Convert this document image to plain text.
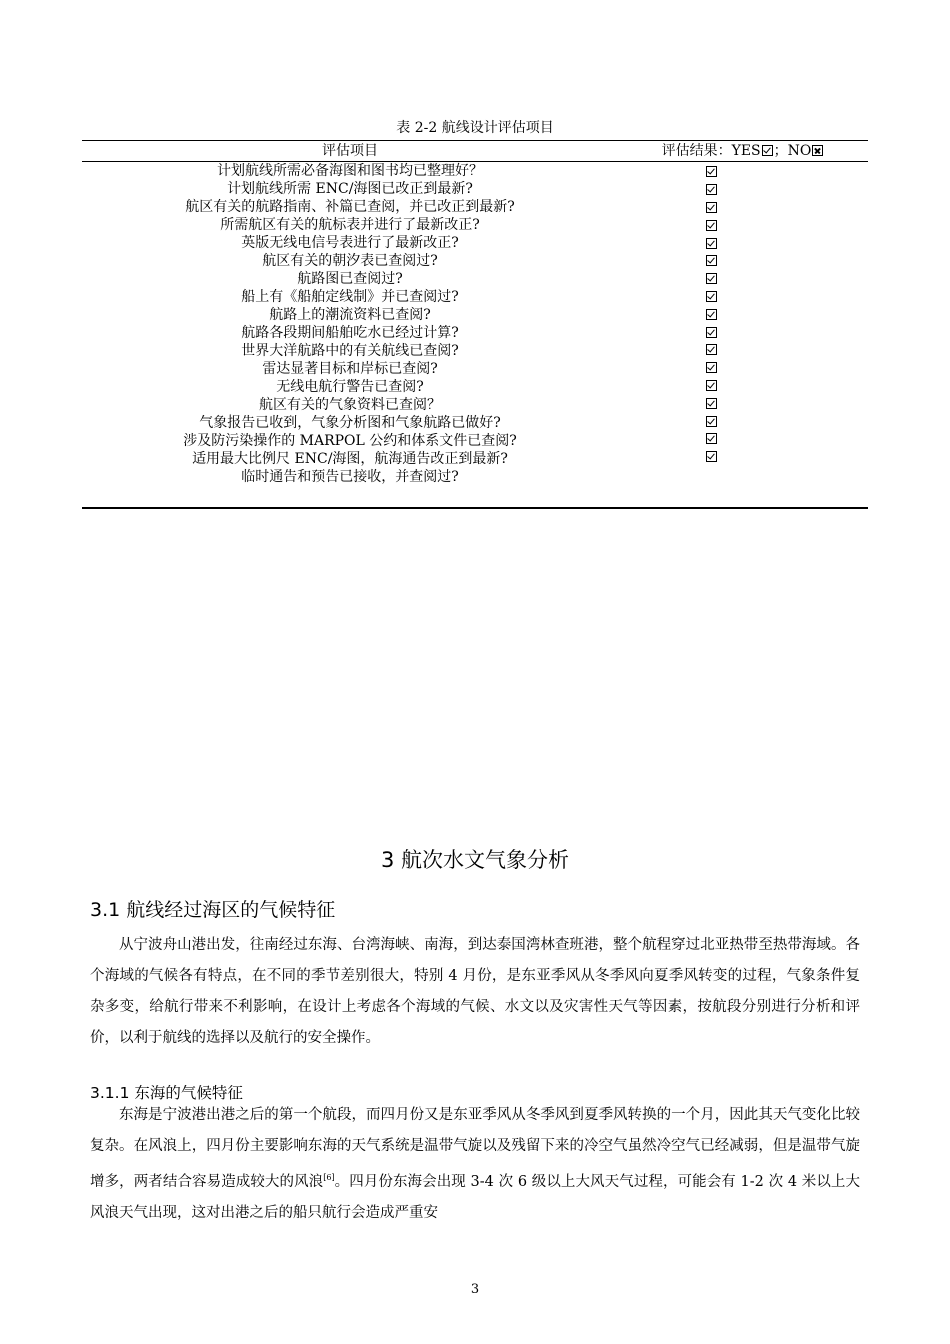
表 2-2 航线设计评估项目
评估项目	评估结果：YES ；NO
计划航线所需必备海图和图书均已整理好？
计划航线所需 ENC/海图已改正到最新?
航区有关的航路指南、补篇已查阅，并已改正到最新?
所需航区有关的航标表并进行了最新改正?
英版无线电信号表进行了最新改正?
航区有关的朝汐表已查阅过?
航路图已查阅过?
船上有《船舶定线制》并已查阅过?
航路上的潮流资料已查阅?
航路各段期间船舶吃水已经过计算?
世界大洋航路中的有关航线已查阅?
雷达显著目标和岸标已查阅?
无线电航行警告已查阅?
航区有关的气象资料已查阅？
气象报告已收到，气象分析图和气象航路已做好?
涉及防污染操作的 MARPOL 公约和体系文件已查阅?
适用最大比例尺 ENC/海图，航海通告改正到最新?
临时通告和预告已接收，并查阅过?
3 航次水文气象分析
3.1 航线经过海区的气候特征

从宁波舟山港出发，往南经过东海、台湾海峡、南海，到达泰国湾林查班港，整个航程穿过北亚热带至热带海域。各个海域的气候各有特点，在不同的季节差别很大，特别 4 月份，是东亚季风从冬季风向夏季风转变的过程，气象条件复杂多变，给航行带来不利影响，在设计上考虑各个海域的气候、水文以及灾害性天气等因素，按航段分别进行分析和评价，以利于航线的选择以及航行的安全操作。

3.1.1 东海的气候特征

东海是宁波港出港之后的第一个航段，而四月份又是东亚季风从冬季风到夏季风转换的一个月，因此其天气变化比较复杂。在风浪上，四月份主要影响东海的天气系统是温带气旋以及残留下来的冷空气虽然冷空气已经减弱，但是温带气旋增多，两者结合容易造成较大的风浪[6]。四月份东海会出现 3-4 次 6 级以上大风天气过程，可能会有 1-2 次 4 米以上大风浪天气出现，这对出港之后的船只航行会造成严重安

3
